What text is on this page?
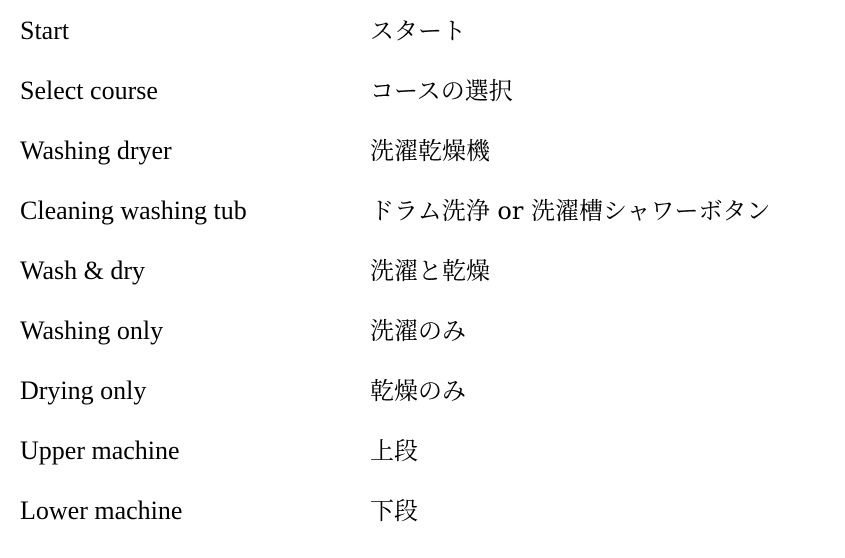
Start	スタート
Select course	コースの選択
Washing dryer	洗濯乾燥機
Cleaning washing tub	ドラム洗浄 or 洗濯槽シャワーボタン
Wash & dry	洗濯と乾燥
Washing only	洗濯のみ
Drying only	乾燥のみ
Upper machine	上段
Lower machine	下段
